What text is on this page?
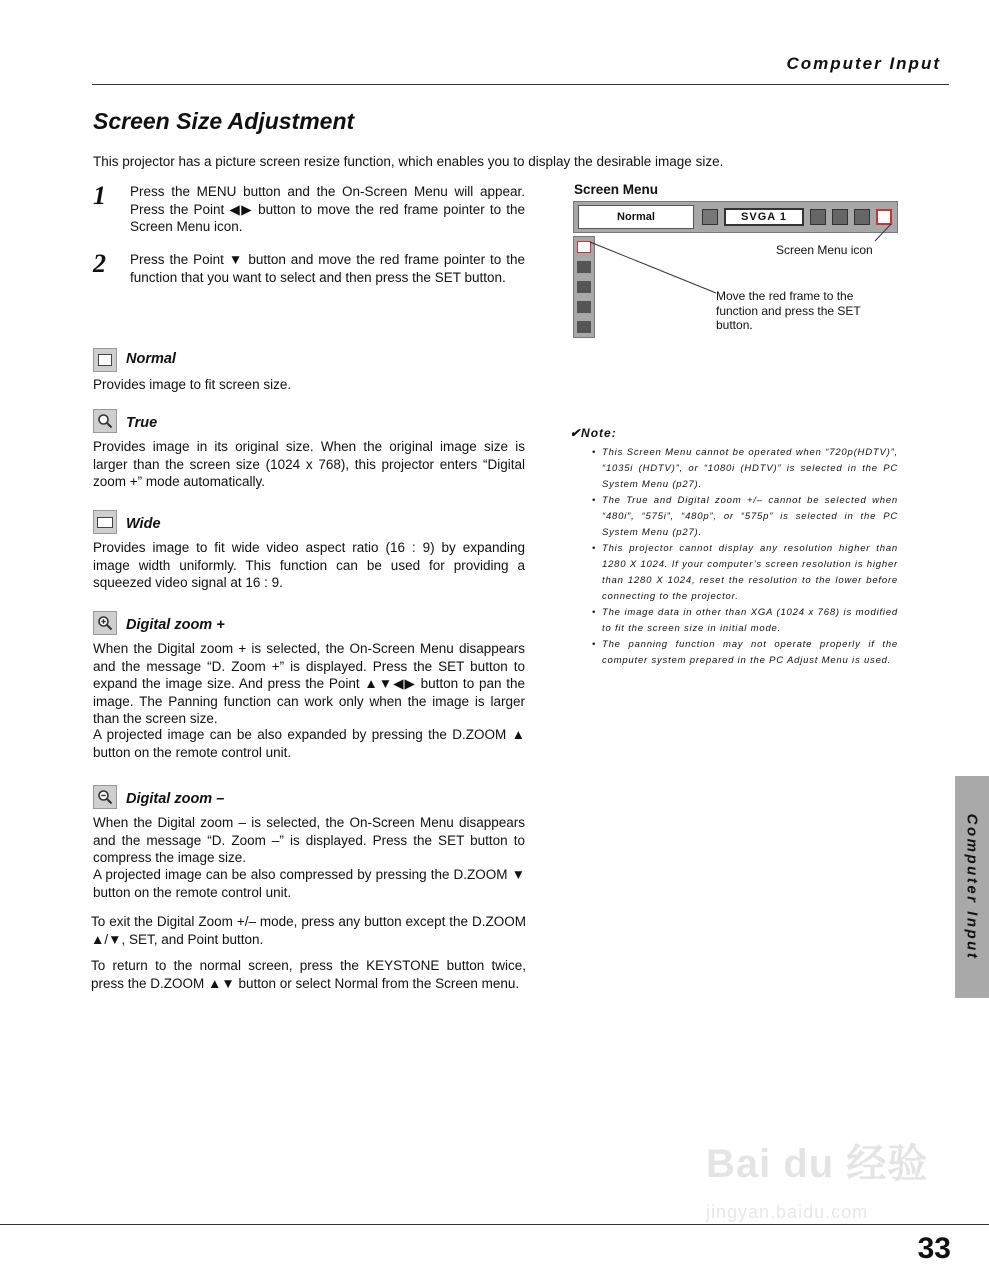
Computer Input
Screen Size Adjustment
This projector has a picture screen resize function, which enables you to display the desirable image size.
1 Press the MENU button and the On-Screen Menu will appear. Press the Point ◀▶ button to move the red frame pointer to the Screen Menu icon.
2 Press the Point ▼ button and move the red frame pointer to the function that you want to select and then press the SET button.
Screen Menu
Normal	SVGA 1
Screen Menu icon
Move the red frame to the function and press the SET button.
Normal
Provides image to fit screen size.
True
Provides image in its original size. When the original image size is larger than the screen size (1024 x 768), this projector enters “Digital zoom +” mode automatically.
Wide
Provides image to fit wide video aspect ratio (16 : 9) by expanding image width uniformly. This function can be used for providing a squeezed video signal at 16 : 9.
Digital zoom +
When the Digital zoom + is selected, the On-Screen Menu disappears and the message “D. Zoom +” is displayed. Press the SET button to expand the image size. And press the Point ▲▼◀▶ button to pan the image. The Panning function can work only when the image is larger than the screen size.
A projected image can be also expanded by pressing the D.ZOOM ▲ button on the remote control unit.
Digital zoom –
When the Digital zoom – is selected, the On-Screen Menu disappears and the message “D. Zoom –” is displayed. Press the SET button to compress the image size.
A projected image can be also compressed by pressing the D.ZOOM ▼ button on the remote control unit.
To exit the Digital Zoom +/– mode, press any button except the D.ZOOM ▲/▼, SET, and Point button.
To return to the normal screen, press the KEYSTONE button twice, press the D.ZOOM ▲▼ button or select Normal from the Screen menu.
✔Note:
• This Screen Menu cannot be operated when “720p(HDTV)”, “1035i (HDTV)”, or “1080i (HDTV)” is selected in the PC System Menu (p27).
• The True and Digital zoom +/– cannot be selected when “480i”, “575i”, “480p”, or “575p” is selected in the PC System Menu (p27).
• This projector cannot display any resolution higher than 1280 X 1024. If your computer’s screen resolution is higher than 1280 X 1024, reset the resolution to the lower before connecting to the projector.
• The image data in other than XGA (1024 x 768) is modified to fit the screen size in initial mode.
• The panning function may not operate properly if the computer system prepared in the PC Adjust Menu is used.
Computer Input
Bai du 经验
jingyan.baidu.com
33
